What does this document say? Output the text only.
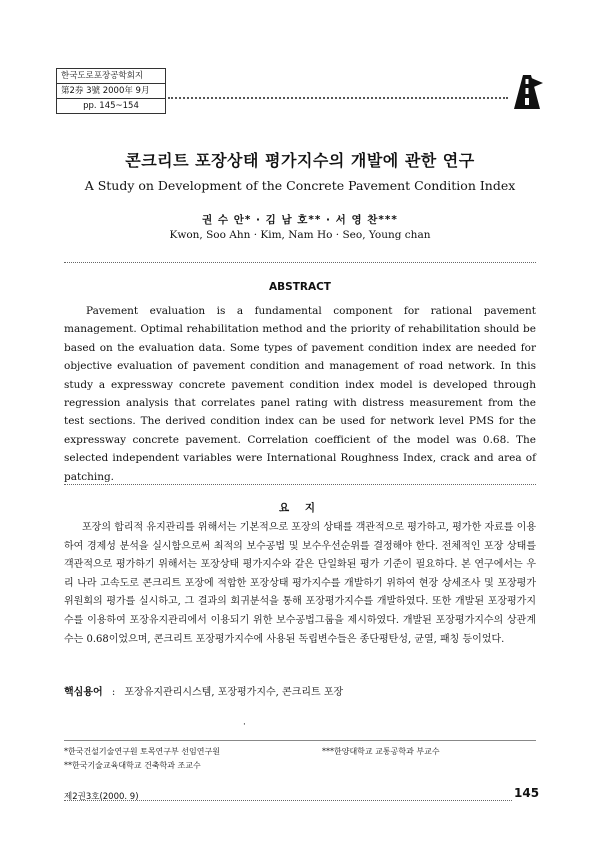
한국도로포장공학회지
第2券 3號 2000年 9月
pp. 145~154
콘크리트 포장상태 평가지수의 개발에 관한 연구
A Study on Development of the Concrete Pavement Condition Index
권 수 안* · 김 남 호** · 서 영 찬***
Kwon, Soo Ahn · Kim, Nam Ho · Seo, Young chan
ABSTRACT

Pavement evaluation is a fundamental component for rational pavement management. Optimal rehabilitation method and the priority of rehabilitation should be based on the evaluation data. Some types of pavement condition index are needed for objective evaluation of pavement condition and management of road network. In this study a expressway concrete pavement condition index model is developed through regression analysis that correlates panel rating with distress measurement from the test sections. The derived condition index can be used for network level PMS for the expressway concrete pavement. Correlation coefficient of the model was 0.68. The selected independent variables were International Roughness Index, crack and area of patching.

요 지

포장의 합리적 유지관리를 위해서는 기본적으로 포장의 상태를 객관적으로 평가하고, 평가한 자료를 이용하여 경제성 분석을 실시함으로써 최적의 보수공법 및 보수우선순위를 결정해야 한다. 전체적인 포장 상태를 객관적으로 평가하기 위해서는 포장상태 평가지수와 같은 단일화된 평가 기준이 필요하다. 본 연구에서는 우리 나라 고속도로 콘크리트 포장에 적합한 포장상태 평가지수를 개발하기 위하여 현장 상세조사 및 포장평가위원회의 평가를 실시하고, 그 결과의 회귀분석을 통해 포장평가지수를 개발하였다. 또한 개발된 포장평가지수를 이용하여 포장유지관리에서 이용되기 위한 보수공법그룹을 제시하였다. 개발된 포장평가지수의 상관계수는 0.68이었으며, 콘크리트 포장평가지수에 사용된 독립변수들은 종단평탄성, 균열, 패칭 등이었다.

핵심용어 : 포장유지관리시스템, 포장평가지수, 콘크리트 포장
·
*한국건설기술연구원 토목연구부 선임연구원
**한국기술교육대학교 건축학과 조교수
***한양대학교 교통공학과 부교수
제2권3호(2000. 9)	145
